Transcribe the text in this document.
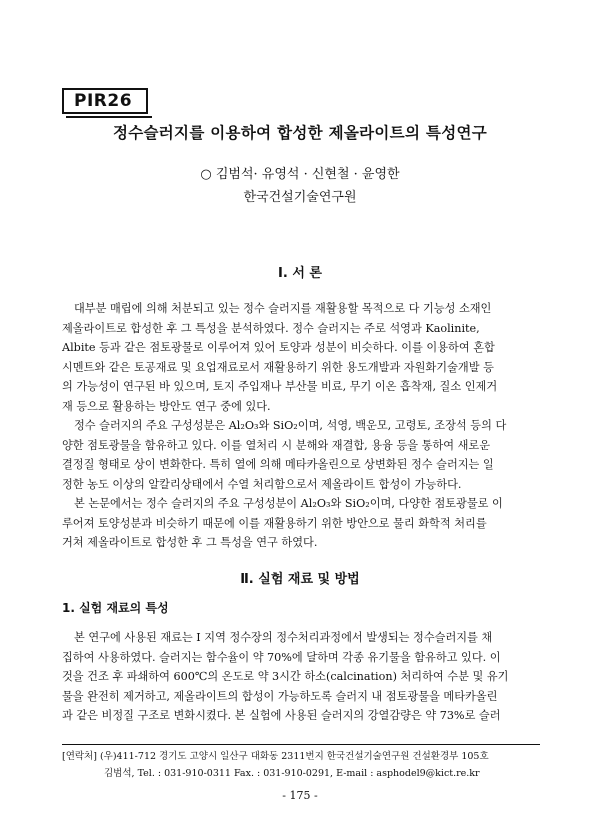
PIR26
정수슬러지를 이용하여 합성한 제올라이트의 특성연구
○ 김범석· 유영석 · 신현철 · 윤영한
한국건설기술연구원
Ⅰ. 서 론

대부분 매립에 의해 처분되고 있는 정수 슬러지를 재활용할 목적으로 다 기능성 소재인

제올라이트로 합성한 후 그 특성을 분석하였다. 정수 슬러지는 주로 석영과 Kaolinite,

Albite 등과 같은 점토광물로 이루어져 있어 토양과 성분이 비슷하다. 이를 이용하여 혼합

시멘트와 같은 토공재료 및 요업재료로서 재활용하기 위한 용도개발과 자원화기술개발 등

의 가능성이 연구된 바 있으며, 토지 주입재나 부산물 비료, 무기 이온 흡착재, 질소 인제거

재 등으로 활용하는 방안도 연구 중에 있다.

정수 슬러지의 주요 구성성분은 Al₂O₃와 SiO₂이며, 석영, 백운모, 고령토, 조장석 등의 다

양한 점토광물을 함유하고 있다. 이를 열처리 시 분해와 재결합, 용융 등을 통하여 새로운

결정질 형태로 상이 변화한다. 특히 열에 의해 메타카올린으로 상변화된 정수 슬러지는 일

정한 농도 이상의 알칼리상태에서 수열 처리함으로서 제올라이트 합성이 가능하다.

본 논문에서는 정수 슬러지의 주요 구성성분이 Al₂O₃와 SiO₂이며, 다양한 점토광물로 이

루어져 토양성분과 비슷하기 때문에 이를 재활용하기 위한 방안으로 물리 화학적 처리를

거쳐 제올라이트로 합성한 후 그 특성을 연구 하였다.

Ⅱ. 실험 재료 및 방법
1. 실험 재료의 특성

본 연구에 사용된 재료는 I 지역 정수장의 정수처리과정에서 발생되는 정수슬러지를 채

집하여 사용하였다. 슬러지는 함수율이 약 70%에 달하며 각종 유기물을 함유하고 있다. 이

것을 건조 후 파쇄하여 600℃의 온도로 약 3시간 하소(calcination) 처리하여 수분 및 유기

물을 완전히 제거하고, 제올라이트의 합성이 가능하도록 슬러지 내 점토광물을 메타카올린

과 같은 비정질 구조로 변화시켰다. 본 실험에 사용된 슬러지의 강열감량은 약 73%로 슬러

[연락처] (우)411-712 경기도 고양시 일산구 대화동 2311번지 한국건설기술연구원 건설환경부 105호
김범석, Tel. : 031-910-0311 Fax. : 031-910-0291, E-mail : asphodel9@kict.re.kr
- 175 -
